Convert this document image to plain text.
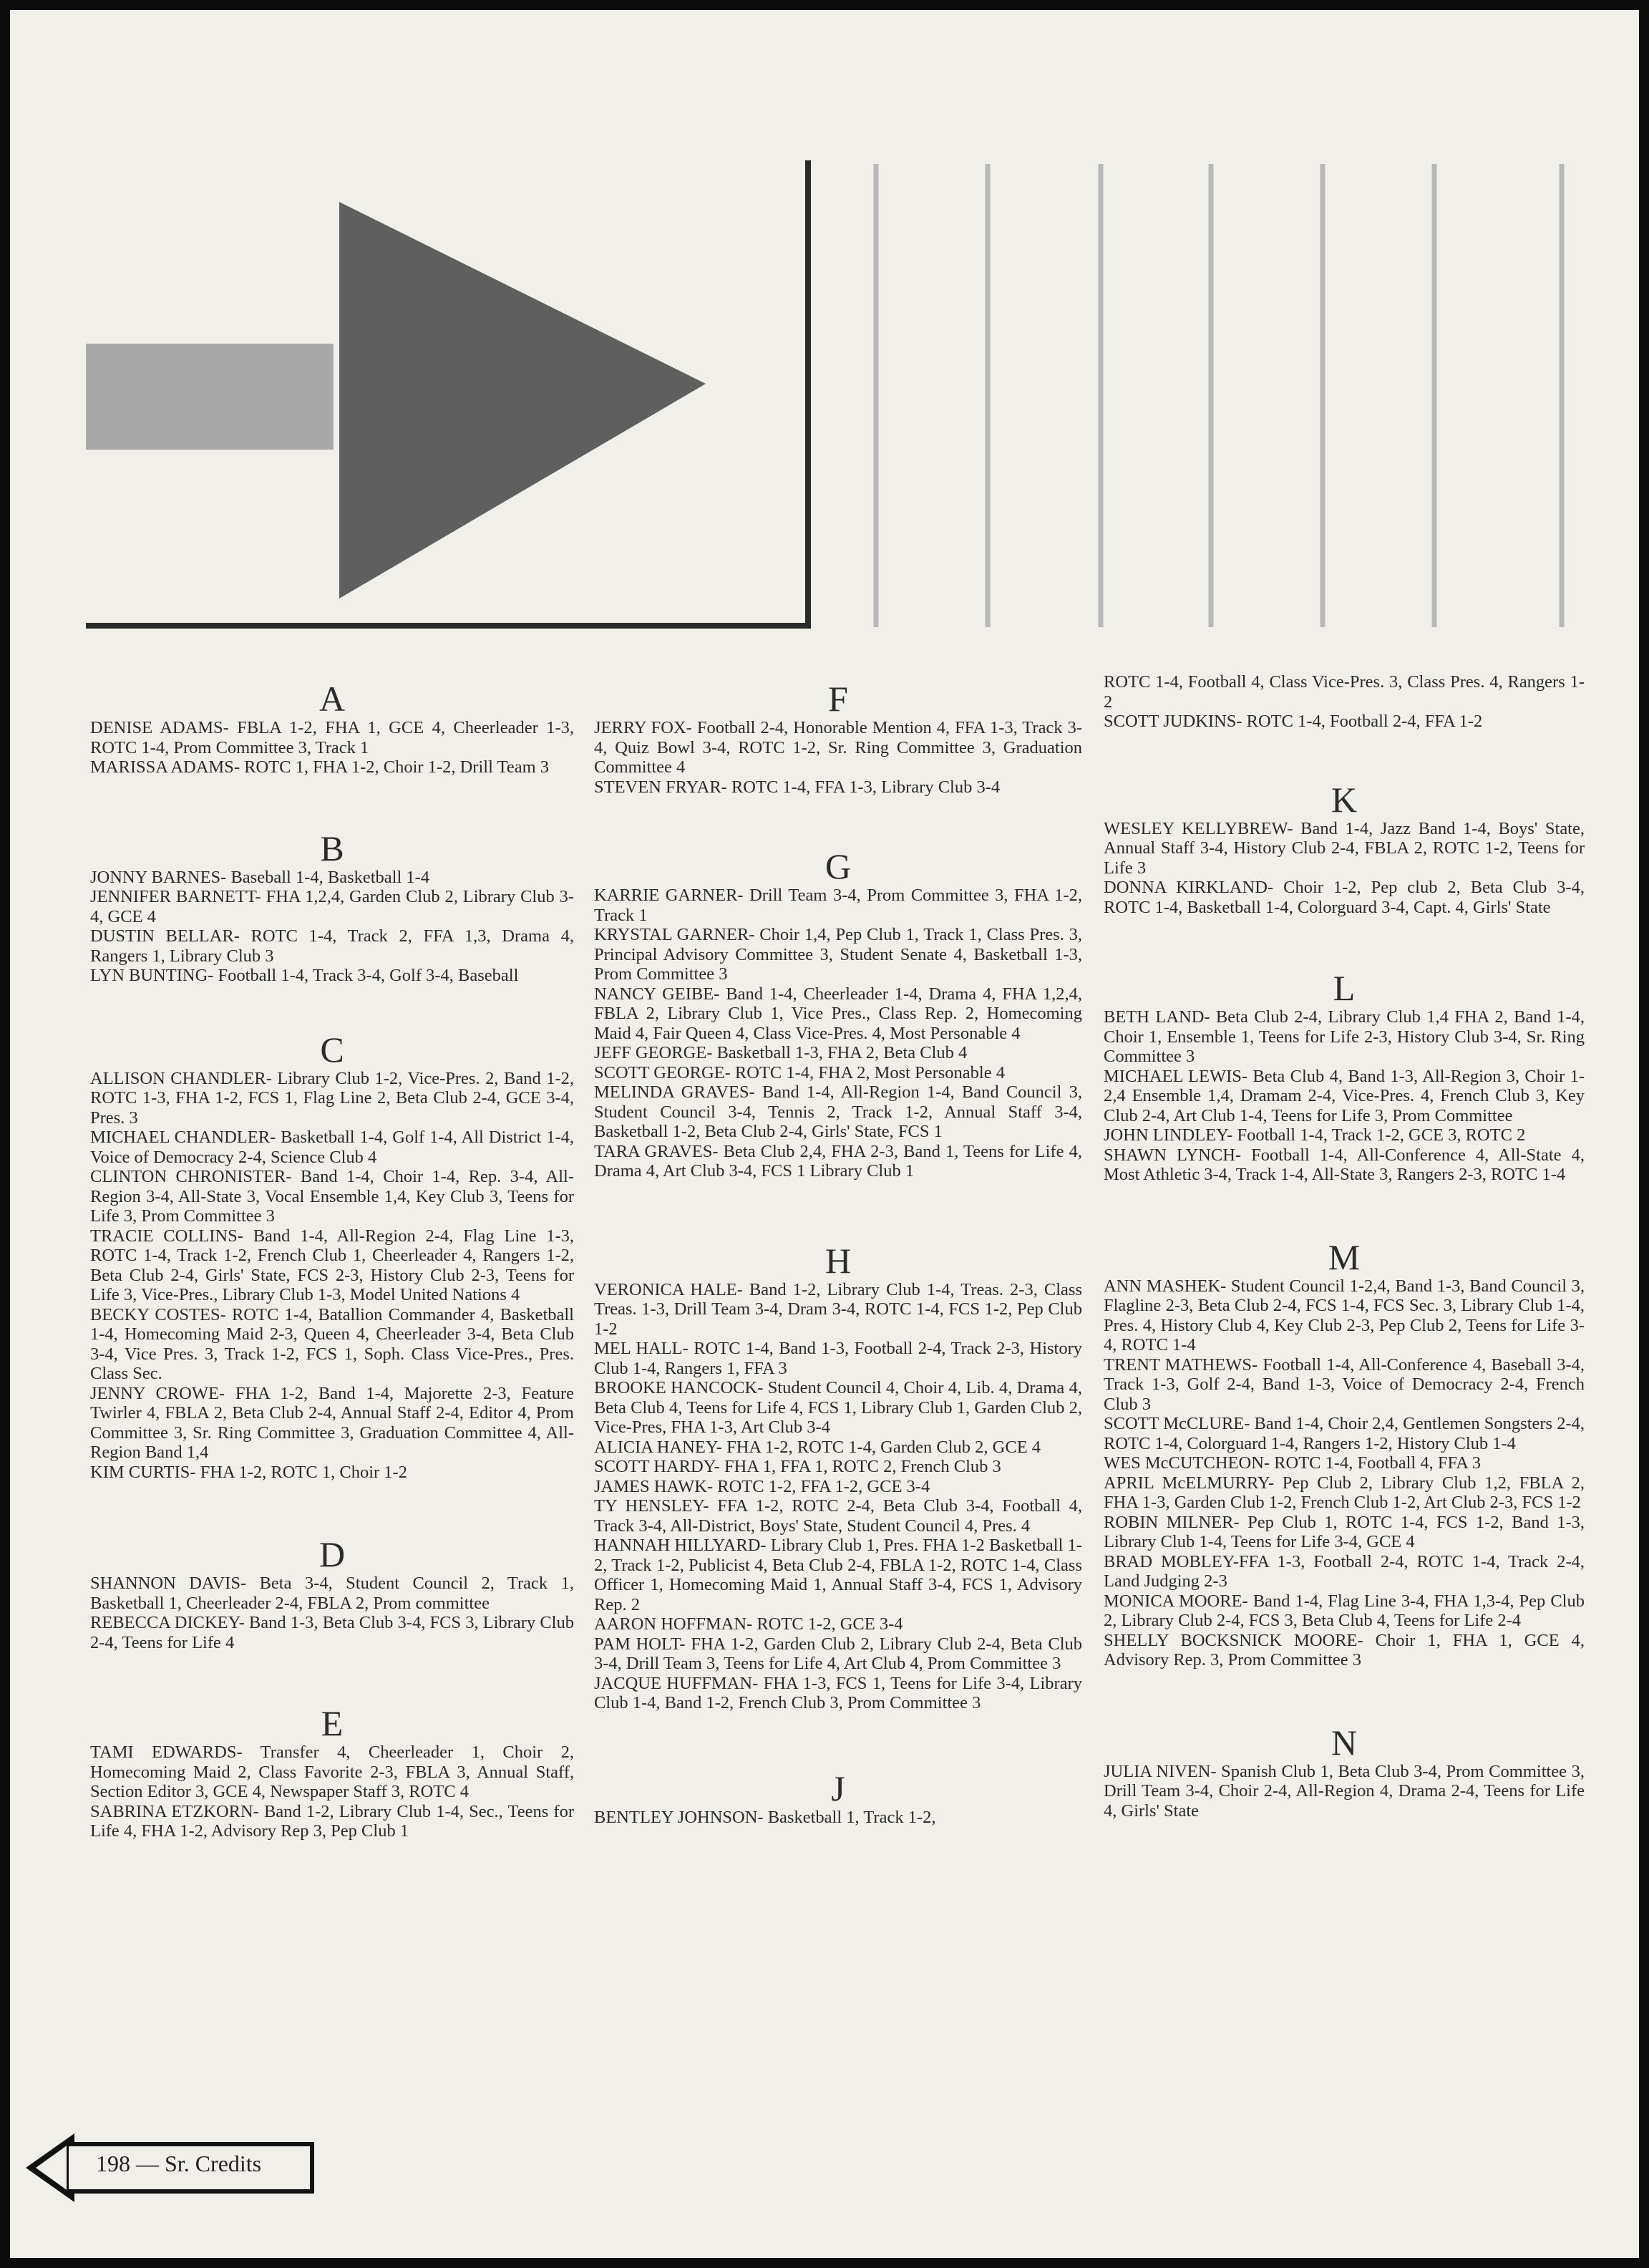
A

DENISE ADAMS- FBLA 1-2, FHA 1, GCE 4, Cheerleader 1-3, ROTC 1-4, Prom Committee 3, Track 1

MARISSA ADAMS- ROTC 1, FHA 1-2, Choir 1-2, Drill Team 3

B

JONNY BARNES- Baseball 1-4, Basketball 1-4

JENNIFER BARNETT- FHA 1,2,4, Garden Club 2, Library Club 3-4, GCE 4

DUSTIN BELLAR- ROTC 1-4, Track 2, FFA 1,3, Drama 4, Rangers 1, Library Club 3

LYN BUNTING- Football 1-4, Track 3-4, Golf 3-4, Baseball

C

ALLISON CHANDLER- Library Club 1-2, Vice-Pres. 2, Band 1-2, ROTC 1-3, FHA 1-2, FCS 1, Flag Line 2, Beta Club 2-4, GCE 3-4, Pres. 3

MICHAEL CHANDLER- Basketball 1-4, Golf 1-4, All District 1-4, Voice of Democracy 2-4, Science Club 4

CLINTON CHRONISTER- Band 1-4, Choir 1-4, Rep. 3-4, All-Region 3-4, All-State 3, Vocal Ensemble 1,4, Key Club 3, Teens for Life 3, Prom Committee 3

TRACIE COLLINS- Band 1-4, All-Region 2-4, Flag Line 1-3, ROTC 1-4, Track 1-2, French Club 1, Cheerleader 4, Rangers 1-2, Beta Club 2-4, Girls' State, FCS 2-3, History Club 2-3, Teens for Life 3, Vice-Pres., Library Club 1-3, Model United Nations 4

BECKY COSTES- ROTC 1-4, Batallion Commander 4, Basketball 1-4, Homecoming Maid 2-3, Queen 4, Cheerleader 3-4, Beta Club 3-4, Vice Pres. 3, Track 1-2, FCS 1, Soph. Class Vice-Pres., Pres. Class Sec.

JENNY CROWE- FHA 1-2, Band 1-4, Majorette 2-3, Feature Twirler 4, FBLA 2, Beta Club 2-4, Annual Staff 2-4, Editor 4, Prom Committee 3, Sr. Ring Committee 3, Graduation Committee 4, All-Region Band 1,4

KIM CURTIS- FHA 1-2, ROTC 1, Choir 1-2

D

SHANNON DAVIS- Beta 3-4, Student Council 2, Track 1, Basketball 1, Cheerleader 2-4, FBLA 2, Prom committee

REBECCA DICKEY- Band 1-3, Beta Club 3-4, FCS 3, Library Club 2-4, Teens for Life 4

E

TAMI EDWARDS- Transfer 4, Cheerleader 1, Choir 2, Homecoming Maid 2, Class Favorite 2-3, FBLA 3, Annual Staff, Section Editor 3, GCE 4, Newspaper Staff 3, ROTC 4

SABRINA ETZKORN- Band 1-2, Library Club 1-4, Sec., Teens for Life 4, FHA 1-2, Advisory Rep 3, Pep Club 1

F

JERRY FOX- Football 2-4, Honorable Mention 4, FFA 1-3, Track 3-4, Quiz Bowl 3-4, ROTC 1-2, Sr. Ring Committee 3, Graduation Committee 4

STEVEN FRYAR- ROTC 1-4, FFA 1-3, Library Club 3-4

G

KARRIE GARNER- Drill Team 3-4, Prom Committee 3, FHA 1-2, Track 1

KRYSTAL GARNER- Choir 1,4, Pep Club 1, Track 1, Class Pres. 3, Principal Advisory Committee 3, Student Senate 4, Basketball 1-3, Prom Committee 3

NANCY GEIBE- Band 1-4, Cheerleader 1-4, Drama 4, FHA 1,2,4, FBLA 2, Library Club 1, Vice Pres., Class Rep. 2, Homecoming Maid 4, Fair Queen 4, Class Vice-Pres. 4, Most Personable 4

JEFF GEORGE- Basketball 1-3, FHA 2, Beta Club 4

SCOTT GEORGE- ROTC 1-4, FHA 2, Most Personable 4

MELINDA GRAVES- Band 1-4, All-Region 1-4, Band Council 3, Student Council 3-4, Tennis 2, Track 1-2, Annual Staff 3-4, Basketball 1-2, Beta Club 2-4, Girls' State, FCS 1

TARA GRAVES- Beta Club 2,4, FHA 2-3, Band 1, Teens for Life 4, Drama 4, Art Club 3-4, FCS 1 Library Club 1

H

VERONICA HALE- Band 1-2, Library Club 1-4, Treas. 2-3, Class Treas. 1-3, Drill Team 3-4, Dram 3-4, ROTC 1-4, FCS 1-2, Pep Club 1-2

MEL HALL- ROTC 1-4, Band 1-3, Football 2-4, Track 2-3, History Club 1-4, Rangers 1, FFA 3

BROOKE HANCOCK- Student Council 4, Choir 4, Lib. 4, Drama 4, Beta Club 4, Teens for Life 4, FCS 1, Library Club 1, Garden Club 2, Vice-Pres, FHA 1-3, Art Club 3-4

ALICIA HANEY- FHA 1-2, ROTC 1-4, Garden Club 2, GCE 4

SCOTT HARDY- FHA 1, FFA 1, ROTC 2, French Club 3

JAMES HAWK- ROTC 1-2, FFA 1-2, GCE 3-4

TY HENSLEY- FFA 1-2, ROTC 2-4, Beta Club 3-4, Football 4, Track 3-4, All-District, Boys' State, Student Council 4, Pres. 4

HANNAH HILLYARD- Library Club 1, Pres. FHA 1-2 Basketball 1-2, Track 1-2, Publicist 4, Beta Club 2-4, FBLA 1-2, ROTC 1-4, Class Officer 1, Homecoming Maid 1, Annual Staff 3-4, FCS 1, Advisory Rep. 2

AARON HOFFMAN- ROTC 1-2, GCE 3-4

PAM HOLT- FHA 1-2, Garden Club 2, Library Club 2-4, Beta Club 3-4, Drill Team 3, Teens for Life 4, Art Club 4, Prom Committee 3

JACQUE HUFFMAN- FHA 1-3, FCS 1, Teens for Life 3-4, Library Club 1-4, Band 1-2, French Club 3, Prom Committee 3

J

BENTLEY JOHNSON- Basketball 1, Track 1-2,

ROTC 1-4, Football 4, Class Vice-Pres. 3, Class Pres. 4, Rangers 1-2

SCOTT JUDKINS- ROTC 1-4, Football 2-4, FFA 1-2

K

WESLEY KELLYBREW- Band 1-4, Jazz Band 1-4, Boys' State, Annual Staff 3-4, History Club 2-4, FBLA 2, ROTC 1-2, Teens for Life 3

DONNA KIRKLAND- Choir 1-2, Pep club 2, Beta Club 3-4, ROTC 1-4, Basketball 1-4, Colorguard 3-4, Capt. 4, Girls' State

L

BETH LAND- Beta Club 2-4, Library Club 1,4 FHA 2, Band 1-4, Choir 1, Ensemble 1, Teens for Life 2-3, History Club 3-4, Sr. Ring Committee 3

MICHAEL LEWIS- Beta Club 4, Band 1-3, All-Region 3, Choir 1-2,4 Ensemble 1,4, Dramam 2-4, Vice-Pres. 4, French Club 3, Key Club 2-4, Art Club 1-4, Teens for Life 3, Prom Committee

JOHN LINDLEY- Football 1-4, Track 1-2, GCE 3, ROTC 2

SHAWN LYNCH- Football 1-4, All-Conference 4, All-State 4, Most Athletic 3-4, Track 1-4, All-State 3, Rangers 2-3, ROTC 1-4

M

ANN MASHEK- Student Council 1-2,4, Band 1-3, Band Council 3, Flagline 2-3, Beta Club 2-4, FCS 1-4, FCS Sec. 3, Library Club 1-4, Pres. 4, History Club 4, Key Club 2-3, Pep Club 2, Teens for Life 3-4, ROTC 1-4

TRENT MATHEWS- Football 1-4, All-Conference 4, Baseball 3-4, Track 1-3, Golf 2-4, Band 1-3, Voice of Democracy 2-4, French Club 3

SCOTT McCLURE- Band 1-4, Choir 2,4, Gentlemen Songsters 2-4, ROTC 1-4, Colorguard 1-4, Rangers 1-2, History Club 1-4

WES McCUTCHEON- ROTC 1-4, Football 4, FFA 3

APRIL McELMURRY- Pep Club 2, Library Club 1,2, FBLA 2, FHA 1-3, Garden Club 1-2, French Club 1-2, Art Club 2-3, FCS 1-2

ROBIN MILNER- Pep Club 1, ROTC 1-4, FCS 1-2, Band 1-3, Library Club 1-4, Teens for Life 3-4, GCE 4

BRAD MOBLEY-FFA 1-3, Football 2-4, ROTC 1-4, Track 2-4, Land Judging 2-3

MONICA MOORE- Band 1-4, Flag Line 3-4, FHA 1,3-4, Pep Club 2, Library Club 2-4, FCS 3, Beta Club 4, Teens for Life 2-4

SHELLY BOCKSNICK MOORE- Choir 1, FHA 1, GCE 4, Advisory Rep. 3, Prom Committee 3

N

JULIA NIVEN- Spanish Club 1, Beta Club 3-4, Prom Committee 3, Drill Team 3-4, Choir 2-4, All-Region 4, Drama 2-4, Teens for Life 4, Girls' State

198 — Sr. Credits
